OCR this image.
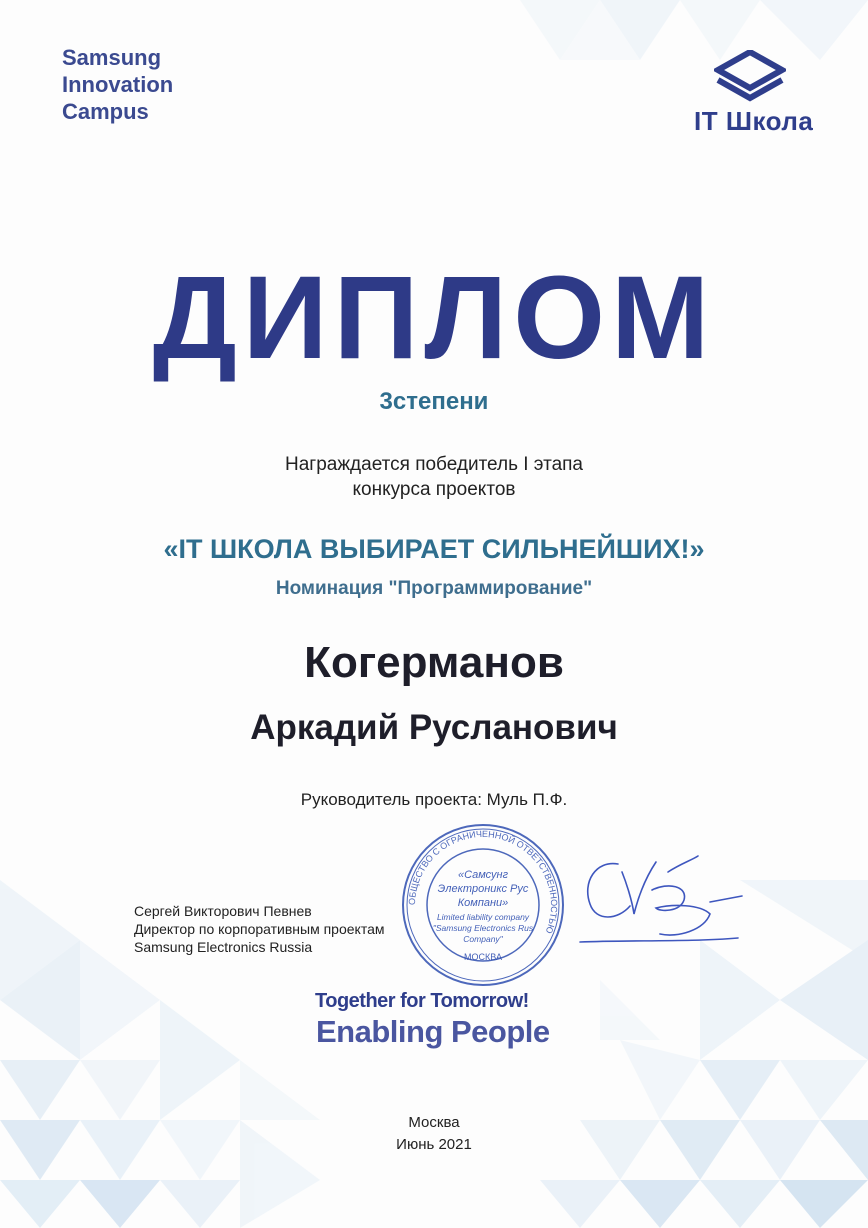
Samsung
Innovation
Campus	IT Школа
ДИПЛОМ
3степени
Награждается победитель I этапа
конкурса проектов
«IT ШКОЛА ВЫБИРАЕТ СИЛЬНЕЙШИХ!»
Номинация "Программирование"
Когерманов
Аркадий Русланович
Руководитель проекта: Муль П.Ф.
Сергей Викторович Певнев
Директор по корпоративным проектам
Samsung Electronics Russia
ОБЩЕСТВО С ОГРАНИЧЕННОЙ ОТВЕТСТВЕННОСТЬЮ
«Самсунг
Электроникс Рус
Компани»
Limited liability company
"Samsung Electronics Rus
Company"
МОСКВА
Together for Tomorrow!
Enabling People
Москва
Июнь 2021
